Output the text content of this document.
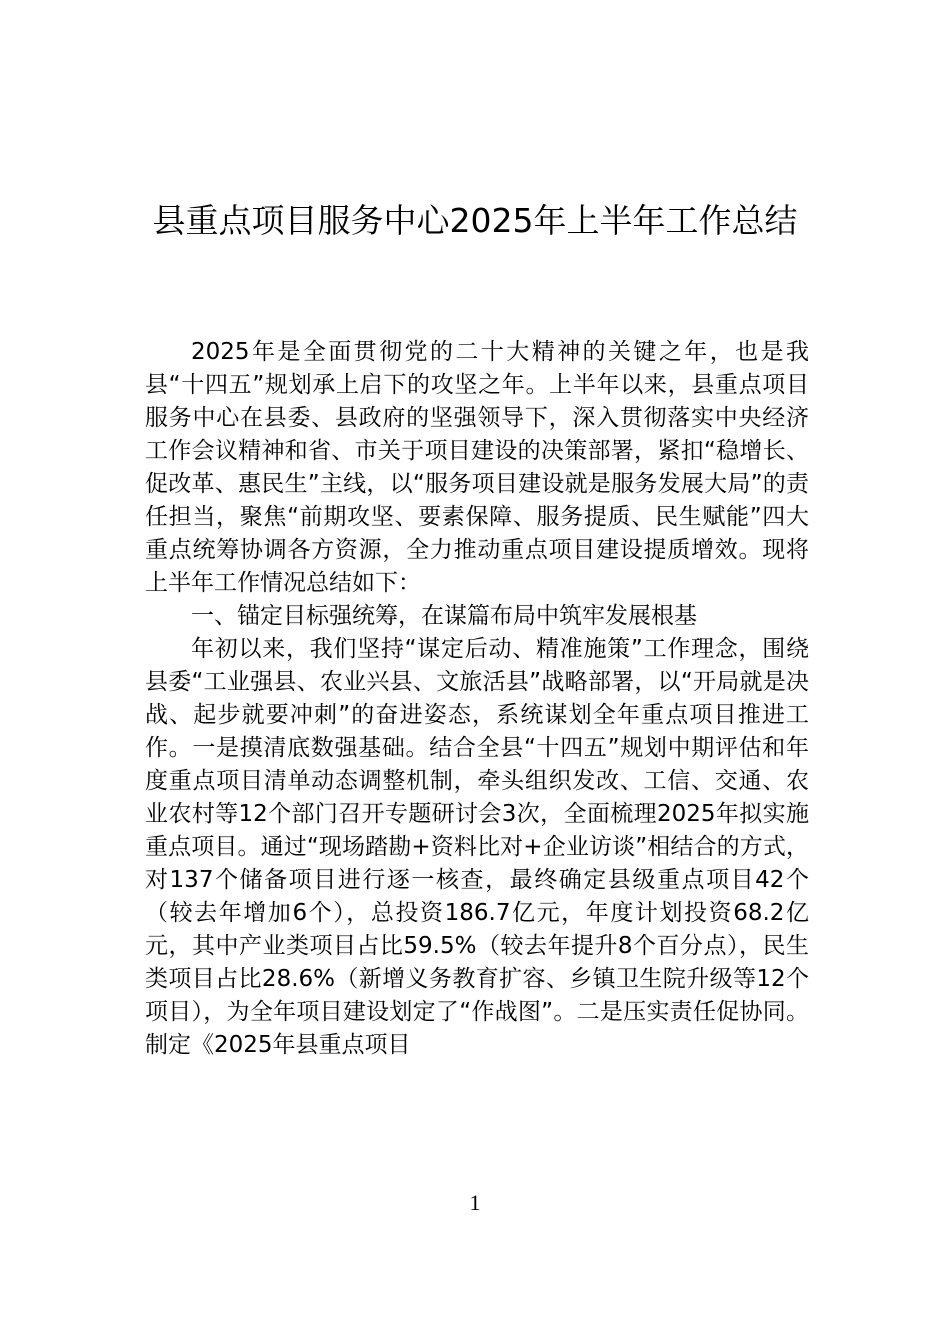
县重点项目服务中心2025年上半年工作总结

2025年是全面贯彻党的二十大精神的关键之年，也是我县“十四五”规划承上启下的攻坚之年。上半年以来，县重点项目服务中心在县委、县政府的坚强领导下，深入贯彻落实中央经济工作会议精神和省、市关于项目建设的决策部署，紧扣“稳增长、促改革、惠民生”主线，以“服务项目建设就是服务发展大局”的责任担当，聚焦“前期攻坚、要素保障、服务提质、民生赋能”四大重点统筹协调各方资源，全力推动重点项目建设提质增效。现将上半年工作情况总结如下：

一、锚定目标强统筹，在谋篇布局中筑牢发展根基

年初以来，我们坚持“谋定后动、精准施策”工作理念，围绕县委“工业强县、农业兴县、文旅活县”战略部署，以“开局就是决战、起步就要冲刺”的奋进姿态，系统谋划全年重点项目推进工作。一是摸清底数强基础。结合全县“十四五”规划中期评估和年度重点项目清单动态调整机制，牵头组织发改、工信、交通、农业农村等12个部门召开专题研讨会3次，全面梳理2025年拟实施重点项目。通过“现场踏勘+资料比对+企业访谈”相结合的方式，对137个储备项目进行逐一核查，最终确定县级重点项目42个（较去年增加6个），总投资186.7亿元，年度计划投资68.2亿元，其中产业类项目占比59.5%（较去年提升8个百分点），民生类项目占比28.6%（新增义务教育扩容、乡镇卫生院升级等12个项目），为全年项目建设划定了“作战图”。二是压实责任促协同。制定《2025年县重点项目

1
